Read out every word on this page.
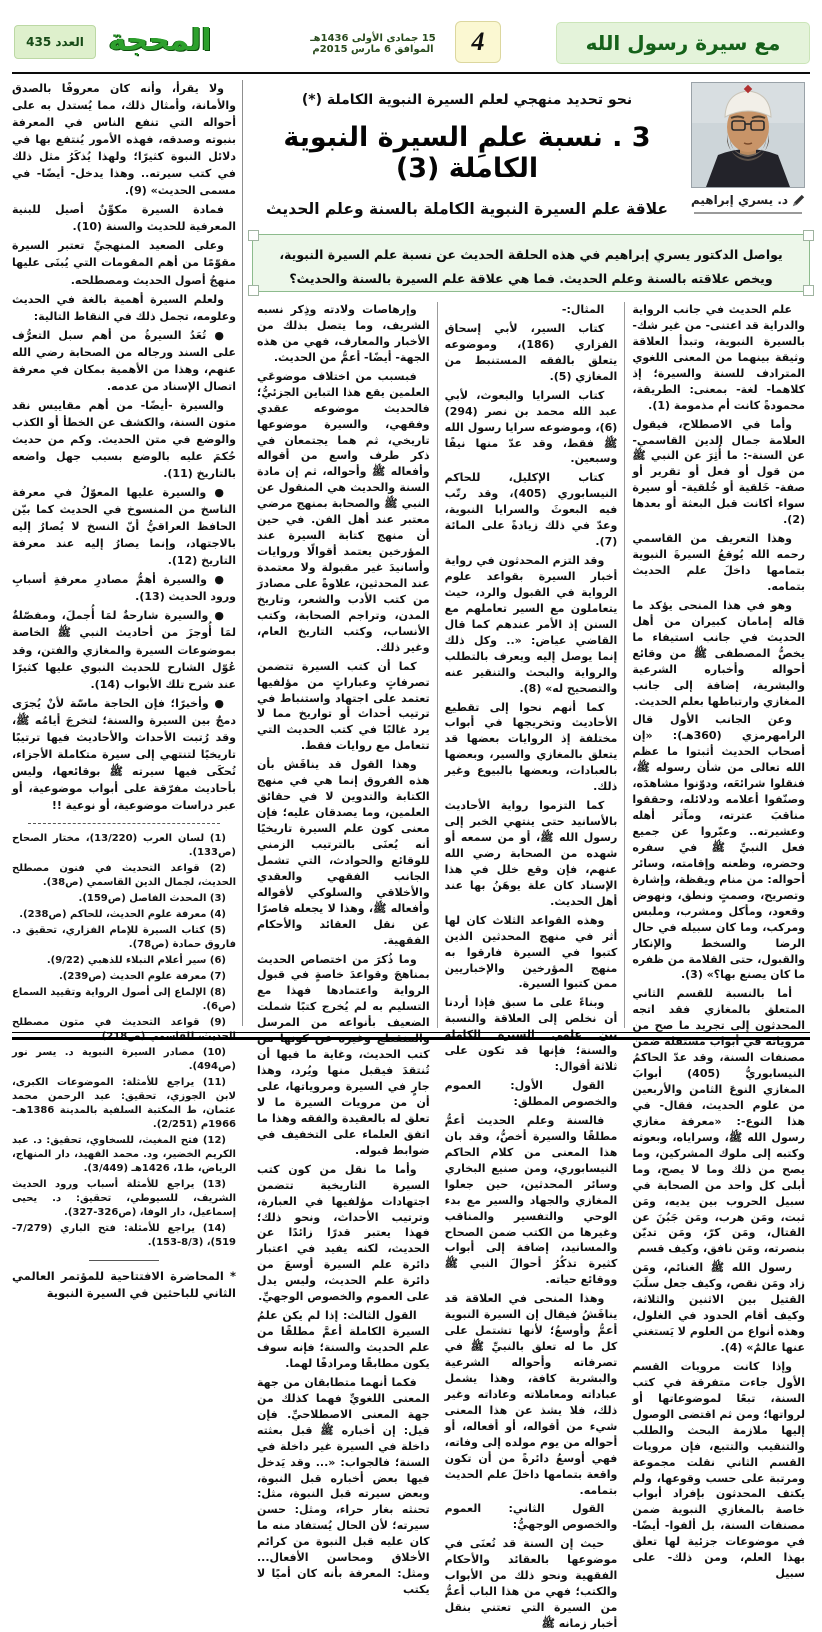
مع سيرة رسول الله
4
15 جمادى الأولى 1436هـ الموافق 6 مارس 2015م
المحجة
العدد 435

ولا يقرأ، وأنه كان معروفًا بالصدق والأمانة، وأمثال ذلك، مما يُستدل به على أحواله التي تنفع الناس في المعرفة بنبوته وصدقه، فهذه الأمور يُنتفع بها في دلائل النبوة كثيرًا؛ ولهذا يُذكَرُ مثل ذلك في كتب سيرته.. وهذا يدخل- أيضًا- في مسمى الحديث» (9).

فمادة السيرة مكوِّنٌ أصيل للبنية المعرفية للحديث والسنة (10).

وعلى الصعيد المنهجيِّ تعتبر السيرة مقوّمًا من أهم المقومات التي يُبنَى عليها منهجُ أصول الحديث ومصطلحه.

ولعلم السيرة أهمية بالغة في الحديث وعلومه، تجمل ذلك في النقاط التالية:

● تُعَدُ السيرةُ من أهم سبل التعرُّف على السند ورجاله من الصحابة رضي الله عنهم، وهذا من الأهمية بمكان في معرفة اتصال الإسناد من عدمه.

والسيرة -أيضًا- من أهم مقاييس نقد متون السنة، والكشف عن الخطأ أو الكذب والوضع في متن الحديث. وكم من حديث حُكمَ عليه بالوضع بسبب جهل واضعه بالتاريخ (11).

● والسيرة عليها المعوّلُ في معرفة الناسخ من المنسوخ في الحديث كما بيّن الحافظ العراقيُّ أنّ النسخ لا يُصارُ إليه بالاجتهاد، وإنما يصارُ إليه عند معرفة التاريخ (12).

● والسيرة أهمُّ مصادرِ معرفةِ أسبابِ ورود الحديث (13).

● والسيرة شارحةٌ لمَا أُجملَ، ومفصّلةٌ لمَا أُوجزَ من أحاديث النبي ﷺ الخاصة بموضوعات السيرة والمغازي والفتن، وقد عُوّل الشارح للحديث النبوي عليها كثيرًا عند شرح تلك الأبواب (14).

● وأخيرًا؛ فإن الحاجة ماسّة لأنْ يُجرَى دمجٌ بين السيرة والسنة؛ لتخرجَ أيامُه ﷺ، وقد رُتبت الأحداث والأحاديث فيها ترتيبًا تاريخيًا لتنتهي إلى سيرة متكاملة الأجزاء، تُحكَى فيها سيرته ﷺ بوقائعها، وليس بأحاديث مفرّقة على أبواب موضوعية، أو عبر دراسات موضوعية، أو نوعية !!

(1) لسان العرب (13/220)، مختار الصحاح (ص133).

(2) قواعد التحديث في فنون مصطلح الحديث، لجمال الدين القاسمي (ص38).

(3) المحدث الفاصل (ص159).

(4) معرفة علوم الحديث، للحاكم (ص238).

(5) كتاب السيرة للإمام الفزاري، تحقيق د. فاروق حمادة (ص78).

(6) سير أعلام النبلاء للذهبي (9/22).

(7) معرفة علوم الحديث (ص239).

(8) الإلماع إلى أصول الرواية وتقييد السماع (ص6).

(9) قواعد التحديث في متون مصطلح الحديث، للقاسمي (ص218).

(10) مصادر السيرة النبوية د. يسر نور (ص494).

(11) يراجع للأمثلة: الموضوعات الكبرى، لابن الجوزي، تحقيق: عبد الرحمن محمد عثمان، ط المكتبة السلفية بالمدينة 1386هـ- 1966م (2/251).

(12) فتح المغيث، للسخاوي، تحقيق: د. عبد الكريم الخضير، ود. محمد الفهيد، دار المنهاج، الرياض، ط1، 1426هـ (3/449).

(13) يراجع للأمثلة أسباب ورود الحديث الشريف، للسيوطي، تحقيق: د. يحيى إسماعيل، دار الوفا، (ص326-327).

(14) يراجع للأمثلة: فتح الباري (7/279-519)، (8/3-153).

* المحاضرة الافتتاحية للمؤتمر العالمي الثاني للباحثين في السيرة النبوية
د. يسري إبراهيم
نحو تحديد منهجي لعلم السيرة النبوية الكاملة (*)
3 . نسبة علمِ السيرة النبوية الكاملة (3)
علاقة علم السيرة النبوية الكاملة بالسنة وعلم الحديث

يواصل الدكتور يسري إبراهيم في هذه الحلقة الحديث عن نسبة علم السيرة النبوية، ويخص علاقته بالسنة وعلم الحديث. فما هي علاقة علم السيرة بالسنة والحديث؟

علم الحديث في جانب الرواية والدراية قد اعتنى- من غير شك- بالسيرة النبوية، وتبدأ العلاقة وثيقة بينهما من المعنى اللغوي المترادف للسنة والسيرة؛ إذ كلاهما- لغة- بمعنى: الطريقة، محمودةً كانت أم مذمومة (1).

وأما في الاصطلاح، فيقول العلامة جمال الدين القاسمي- عن السنة-: ما أُثِرَ عن النبي ﷺ من قول أو فعل أو تقرير أو صفة- خَلقية أو خُلقية- أو سيرة سواء أكانت قبل البعثة أو بعدها (2).

وهذا التعريف من القاسمي رحمه الله يُوقعُ السيرةَ النبوية بتمامها داخلَ علم الحديث بتمامه.

وهو في هذا المنحى يؤكد ما قاله إمامان كبيران من أهل الحديث في جانب استيفاء ما يخصُّ المصطفى ﷺ من وقائع أحواله وأخباره الشرعية والبشرية، إضافة إلى جانب المغازي وارتباطها بعلم الحديث.

وعن الجانب الأول قال الرامهرمزي (360هـ): «إن أصحاب الحديث أثبتوا ما عظم الله تعالى من شأن رسوله ﷺ، فنقلوا شرائعَه، ودوّنوا مشاهدَه، وصنّفوا أعلامه ودلائله، وحققوا مناقبَ عترته، ومآثر أهله وعشيرته.. وعبّروا عن جميع فعل النبيِّ ﷺ في سفره وحضره، وظعنه وإقامته، وسائر أحواله: من منام ويقظة، وإشارة وتصريح، وصمتٍ ونطق، ونهوض وقعود، ومأكل ومشرب، وملبس ومركب، وما كان سبيله في حال الرضا والسخط والإنكار والقبول، حتى القلامة من ظفره ما كان يصنع بها؟» (3).

أما بالنسبة للقسم الثاني المتعلق بالمغازي فقد اتجه المحدثون إلى تجريد ما صح من مروياته في أبواب مستقلة ضمن مصنفات السنة، وقد عدّ الحاكمُ النيسابوريُّ (405) أبوابَ المغازي النوعَ الثامن والأربعين من علوم الحديث، فقال- في هذا النوع-: «معرفة مغازي رسول الله ﷺ، وسراياه، وبعوثه وكتبه إلى ملوك المشركين، وما يصح من ذلك وما لا يصح، وما أبلى كل واحد من الصحابة في سبيل الحروب بين يديه، ومَن ثبت، ومَن هرب، ومَن جَبُنَ عن القتال، ومَن كرّ، ومَن تديّن بنصرته، ومَن نافق، وكيف قسم

رسول الله ﷺ الغنائم، ومَن زاد ومَن نقص، وكيف جعل سلَبَ القتيل بين الاثنين والثلاثة، وكيف أقام الحدود في الغلول، وهذه أنواع من العلوم لا يَستغني عنها عالمٌ» (4).

وإذا كانت مرويات القسم الأول جاءت متفرقة في كتب السنة، تبعًا لموضوعاتها أو لرواتها؛ ومن ثم اقتضى الوصول إليها ملازمة البحث والطلب والتنقيب والتتبع، فإن مرويات القسم الثاني نقلت مجموعة ومرتبة على حسب وقوعها، ولم يكتف المحدثون بإفراد أبواب خاصة بالمغازي النبوية ضمن مصنفات السنة، بل ألفوا- أيضًا- في موضوعات جزئية لها تعلق بهذا العلم، ومن ذلك- على سبيل

المثال:-

كتاب السير، لأبي إسحاق الفزاري (186)، وموضوعه يتعلق بالفقه المستنبط من المغازي (5).

كتاب السرايا والبعوث، لأبي عبد الله محمد بن نصر (294) (6)، وموضوعه سرايا رسول الله ﷺ فقط، وقد عدّ منها نيفًا وسبعين.

كتاب الإكليل، للحاكم النيسابوري (405)، وقد رتّب فيه البعوثَ والسرايا النبوية، وعدّ في ذلك زيادةً على المائة (7).

وقد التزم المحدثون في رواية أخبار السيرة بقواعد علوم الرواية في القبول والرد، حيث يتعاملون مع السير تعاملهم مع السنن إذ الأمر عندهم كما قال القاضي عياض: «.. وكل ذلك إنما يوصل إليه ويعرف بالتطلب والرواية والبحث والتنقير عنه والتصحيح له» (8).

كما أنهم نحوا إلى تقطيع الأحاديث وتخريجها في أبواب مختلفة إذ الروايات بعضها قد يتعلق بالمغازي والسير، وبعضها بالعبادات، وبعضها بالبيوع وغير ذلك.

كما التزموا رواية الأحاديث بالأسانيد حتى ينتهي الخبر إلى رسول الله ﷺ، أو من سمعه أو شهده من الصحابة رضي الله عنهم، فإن وقع خلل في هذا الإسناد كان علة يوهَنُ بها عند أهل الحديث.

وهذه القواعد الثلاث كان لها أثر في منهج المحدثين الذين كتبوا في السيرة فارقوا به منهج المؤرخين والإخباريين ممن كتبوا السيرة.

وبناءً على ما سبق فإذا أردنا أن نخلص إلى العلاقة والنسبة بين علمي السيرة الكاملة والسنة؛ فإنها قد تكون على ثلاثة أقوال:

القول الأول: العموم والخصوص المطلق:

فالسنة وعلم الحديث أعمُّ مطلقًا والسيرة أخصُّ، وقد بان هذا المعنى من كلام الحاكم النيسابوري، ومن صنيع البخاري وسائر المحدثين، حين جعلوا المغازي والجهاد والسير مع بدء الوحي والتفسير والمناقب وغيرها من الكتب ضمن الصحاح والمسانيد، إضافة إلى أبواب كثيرة تذكُرُ أحوالَ النبي ﷺ ووقائع حياته.

وهذا المنحى في العلاقة قد يناقَشُ فيقال إن السيرة النبوية أعمُّ وأوسعُ؛ لأنها تشتمل على كل ما له تعلق بالنبيِّ ﷺ في تصرفاته وأحواله الشرعية والبشرية كافة، وهذا يشمل عباداته ومعاملاته وعاداته وغير ذلك، فلا يشذ عن هذا المعنى شيء من أقواله، أو أفعاله، أو أحواله من يوم مولده إلى وفاته، فهي أوسعُ دائرةً من أن تكون واقعة بتمامها داخلَ علم الحديث بتمامه.

القول الثاني: العموم والخصوص الوجهيُّ:

حيث إن السنة قد تُعنَى في موضوعها بالعقائد والأحكام الفقهية ونحو ذلك من الأبواب والكتب؛ فهي من هذا الباب أعمُّ من السيرة التي تعتني بنقل أخبار زمانه ﷺ

وإرهاصات ولادته وذِكر نسبه الشريف، وما يتصل بذلك من الأخبار والمعارف، فهي من هذه الجهة- أيضًا- أعمُّ من الحديث.

فبسبب من اختلاف موضوعَي العلمين يقع هذا التباين الجزئيُّ؛ فالحديث موضوعه عقدي وفقهي، والسيرة موضوعها تاريخي، ثم هما يجتمعان في ذكر طرف واسع من أقواله وأفعاله ﷺ وأحواله، ثم إن مادة السنة والحديث هي المنقول عن النبي ﷺ والصحابة بمنهج مرضي معتبر عند أهل الفن. في حين أن منهج كتابة السيرة عند المؤرخين يعتمد أقوالًا وروايات وأسانيدَ غير مقبولة ولا معتمدة عند المحدثين، علاوةً على مصادرَ من كتب الأدب والشعر، وتاريخ المدن، وتراجم الصحابة، وكتب الأنساب، وكتب التاريخ العام، وغير ذلك.

كما أن كتب السيرة تتضمن تصرفاتٍ وعباراتٍ من مؤلفيها تعتمد على اجتهاد واستنباط في ترتيب أحداث أو تواريخ مما لا يرد غالبًا في كتب الحديث التي تتعامل مع روايات فقط.

وهذا القول قد يناقَش بأن هذه الفروق إنما هي في منهج الكتابة والتدوين لا في حقائق العلمين، وما يصدقان عليه؛ فإن معنى كون علم السيرة تاريخيًا أنه يُعنَى بالترتيب الزمني للوقائع والحوادث، التي تشمل الجانب الفقهي والعقدي والأخلاقي والسلوكي لأقواله وأفعاله ﷺ، وهذا لا يجعله قاصرًا عن نقل العقائد والأحكام الفقهية.

وما ذُكرَ من اختصاص الحديث بمناهجَ وقواعدَ خاصةٍ في قبول الرواية واعتمادها فهذا مع التسليم به لم يُخرج كتبًا شملت الضعيف بأنواعه من المرسل والمنقطع وغيره عن كونها من كتب الحديث، وغاية ما فيها أن تُنتقدَ فيقبل منها ويُرد، وهذا جارٍ في السيرة ومروياتها، على أن من مرويات السيرة ما لا تعلق له بالعقيدة والفقه وهذا ما اتفق العلماء على التخفيف في ضوابط قبوله.

وأما ما نقل من كون كتب السيرة التاريخية تتضمن اجتهادات مؤلفيها في العبارة، وترتيب الأحداث، ونحو ذلك؛ فهذا يعتبر قدرًا زائدًا عن الحديث، لكنه يفيد في اعتبار دائرة علم السيرة أوسعَ من دائرة علم الحديث، وليس يدل على العموم والخصوص الوجهيِّ.

القول الثالث: إذا لم يكن علمُ السيرة الكاملة أعمَّ مطلقًا من علم الحديث والسنة؛ فإنه سوف يكون مطابقًا ومرادفًا لهما.

فكما أنهما متطابقان من جهة المعنى اللغويِّ فهما كذلك من جهة المعنى الاصطلاحيِّ. فإن قيل: إن أخباره ﷺ قبل بعثته داخلة في السيرة غير داخلة في السنة؛ فالجواب: «... وقد يَدخل فيها بعض أخباره قبل النبوة، وبعض سيرته قبل النبوة، مثل: تحنثه بغار حراء، ومثل: حسن سيرته؛ لأن الحال يُستفاد منه ما كان عليه قبل النبوة من كرائم الأخلاق ومحاسن الأفعال... ومثل: المعرفة بأنه كان أميًا لا يكتب
